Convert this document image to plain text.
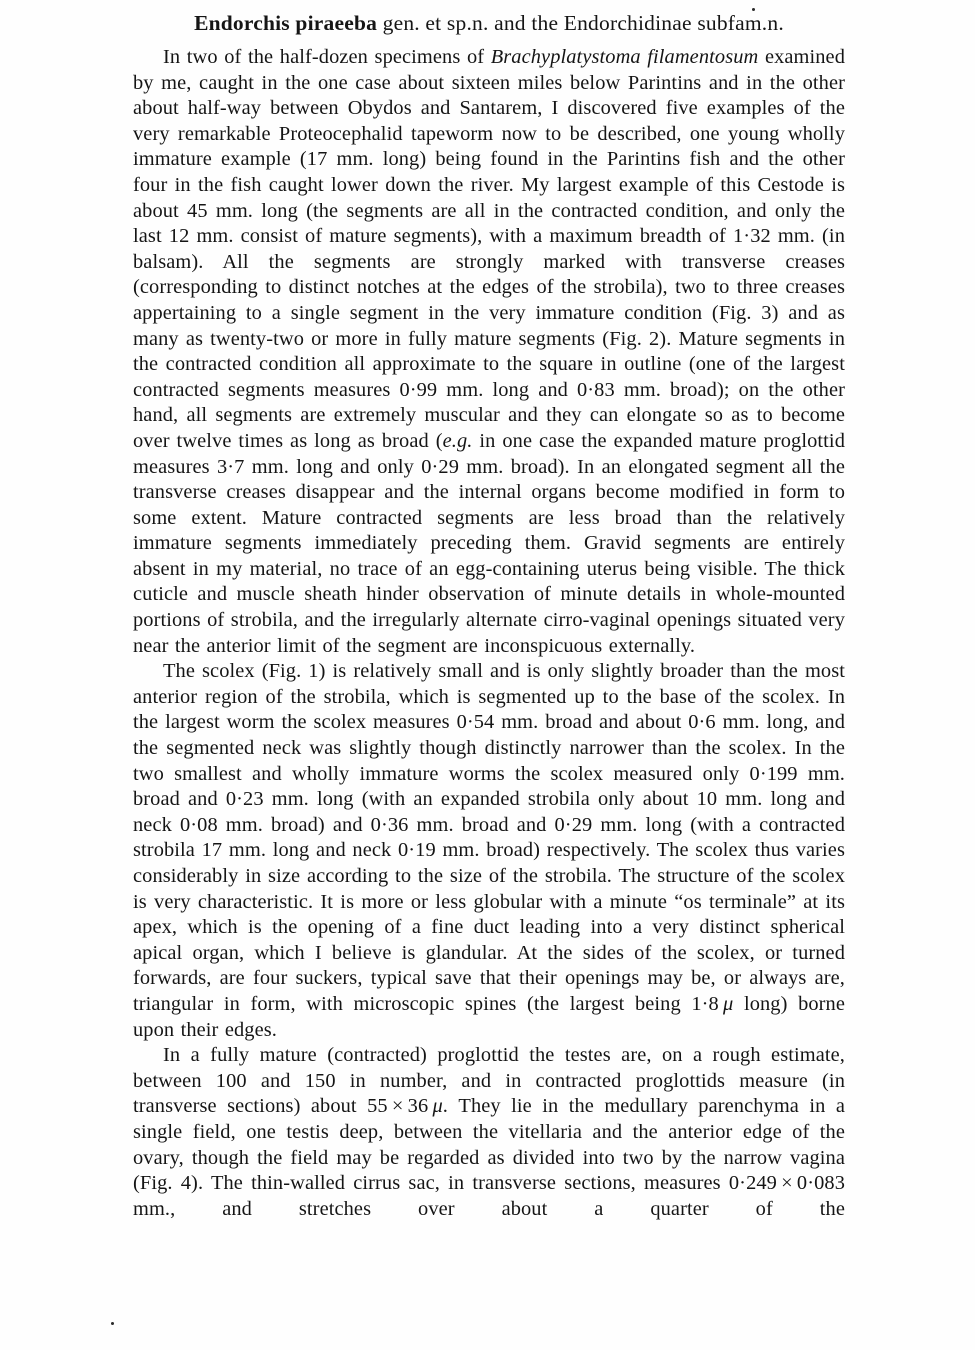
Endorchis piraeeba gen. et sp.n. and the Endorchidinae subfam.n.

In two of the half-dozen specimens of Brachyplatystoma filamentosum examined by me, caught in the one case about sixteen miles below Parintins and in the other about half-way between Obydos and Santarem, I discovered five examples of the very remarkable Proteocephalid tapeworm now to be described, one young wholly immature example (17 mm. long) being found in the Parintins fish and the other four in the fish caught lower down the river. My largest example of this Cestode is about 45 mm. long (the segments are all in the contracted condition, and only the last 12 mm. consist of mature segments), with a maximum breadth of 1·32 mm. (in balsam). All the segments are strongly marked with transverse creases (corresponding to distinct notches at the edges of the strobila), two to three creases appertaining to a single segment in the very immature condition (Fig. 3) and as many as twenty-two or more in fully mature segments (Fig. 2). Mature segments in the contracted condition all approximate to the square in outline (one of the largest contracted segments measures 0·99 mm. long and 0·83 mm. broad); on the other hand, all segments are extremely muscular and they can elongate so as to become over twelve times as long as broad (e.g. in one case the expanded mature proglottid measures 3·7 mm. long and only 0·29 mm. broad). In an elongated segment all the transverse creases disappear and the internal organs become modified in form to some extent. Mature contracted segments are less broad than the relatively immature segments immediately preceding them. Gravid segments are entirely absent in my material, no trace of an egg-containing uterus being visible. The thick cuticle and muscle sheath hinder observation of minute details in whole-mounted portions of strobila, and the irregularly alternate cirro-vaginal openings situated very near the anterior limit of the segment are inconspicuous externally.

The scolex (Fig. 1) is relatively small and is only slightly broader than the most anterior region of the strobila, which is segmented up to the base of the scolex. In the largest worm the scolex measures 0·54 mm. broad and about 0·6 mm. long, and the segmented neck was slightly though distinctly narrower than the scolex. In the two smallest and wholly immature worms the scolex measured only 0·199 mm. broad and 0·23 mm. long (with an expanded strobila only about 10 mm. long and neck 0·08 mm. broad) and 0·36 mm. broad and 0·29 mm. long (with a contracted strobila 17 mm. long and neck 0·19 mm. broad) respectively. The scolex thus varies considerably in size according to the size of the strobila. The structure of the scolex is very characteristic. It is more or less globular with a minute “os terminale” at its apex, which is the opening of a fine duct leading into a very distinct spherical apical organ, which I believe is glandular. At the sides of the scolex, or turned forwards, are four suckers, typical save that their openings may be, or always are, triangular in form, with microscopic spines (the largest being 1·8 μ long) borne upon their edges.

In a fully mature (contracted) proglottid the testes are, on a rough estimate, between 100 and 150 in number, and in contracted proglottids measure (in transverse sections) about 55 × 36 μ. They lie in the medullary parenchyma in a single field, one testis deep, between the vitellaria and the anterior edge of the ovary, though the field may be regarded as divided into two by the narrow vagina (Fig. 4). The thin-walled cirrus sac, in transverse sections, measures 0·249 × 0·083 mm., and stretches over about a quarter of the
